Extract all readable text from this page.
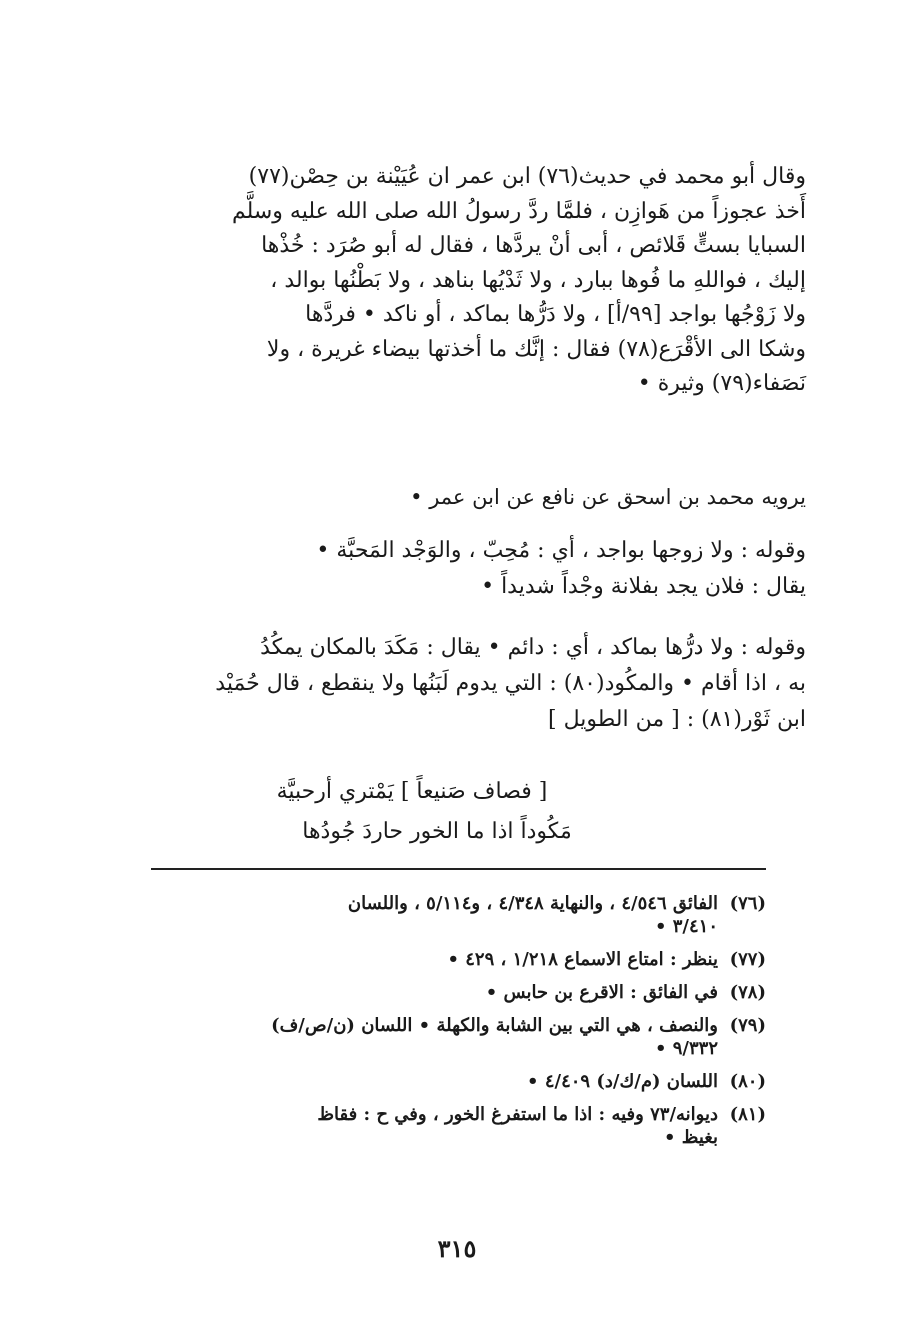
وقال أبو محمد في حديث(٧٦) ابن عمر ان عُيَيْنة بن حِصْن(٧٧)
أَخذ عجوزاً من هَوازِن ، فلمَّا ردَّ رسولُ الله صلى الله عليه وسلَّم
السبايا بستٍّ قَلائص ، أبى أنْ يردَّها ، فقال له أبو صُرَد : خُذْها
إليك ، فواللهِ ما فُوها ببارد ، ولا ثَدْيُها بناهد ، ولا بَطْنُها بوالد ،
ولا زَوْجُها بواجد [٩٩/أ] ، ولا دَرُّها بماكد ، أو ناكد • فردَّها
وشكا الى الأقْرَع(٧٨) فقال : إنَّك ما أخذتها بيضاء غريرة ، ولا
نَصَفاء(٧٩) وثيرة •
يرويه محمد بن اسحق عن نافع عن ابن عمر •
وقوله : ولا زوجها بواجد ، أي : مُحِبّ ، والوَجْد المَحبَّة •
يقال : فلان يجد بفلانة وجْداً شديداً •
وقوله : ولا درُّها بماكد ، أي : دائم • يقال : مَكَدَ بالمكان يمكُدُ
به ، اذا أقام • والمكُود(٨٠) : التي يدوم لَبَنُها ولا ينقطع ، قال حُمَيْد
ابن ثَوْر(٨١) : [ من الطويل ]
[ فصاف صَنيعاً ] يَمْتري أرحبيَّة
مَكُوداً اذا ما الخور حاردَ جُودُها
(٧٦)
الفائق ٤/٥٤٦ ، والنهاية ٤/٣٤٨ ، و٥/١١٤ ، واللسان
٣/٤١٠ •
(٧٧)
ينظر : امتاع الاسماع ١/٢١٨ ، ٤٢٩ •
(٧٨)
في الفائق : الاقرع بن حابس •
(٧٩)
والنصف ، هي التي بين الشابة والكهلة • اللسان (ن/ص/ف)
٩/٣٣٢ •
(٨٠)
اللسان (م/ك/د) ٤/٤٠٩ •
(٨١)
ديوانه/٧٣ وفيه : اذا ما استفرغ الخور ، وفي ح : فقاظ
بغيظ •
٣١٥
